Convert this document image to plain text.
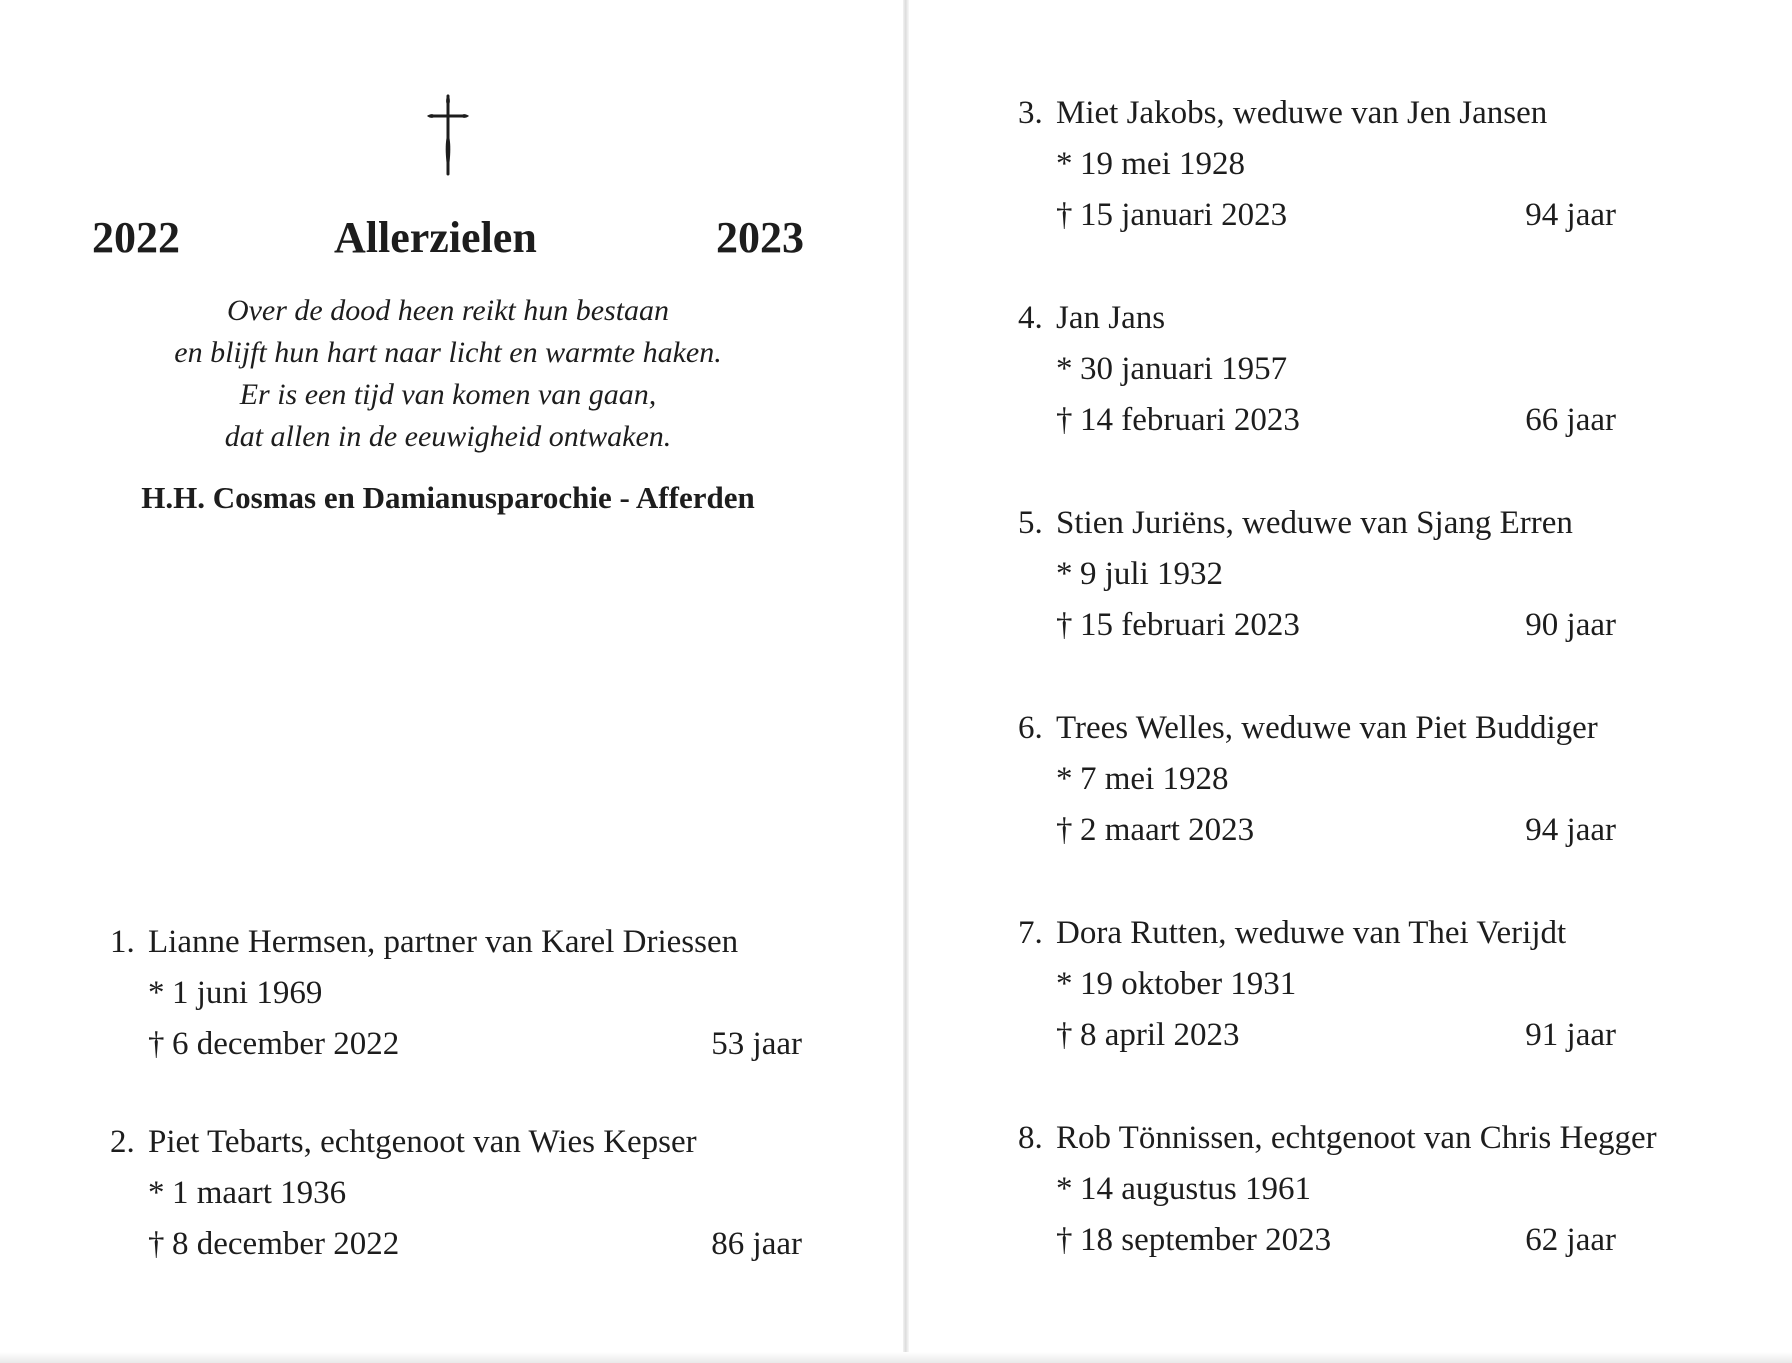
2022	Allerzielen	2023
Over de dood heen reikt hun bestaan
en blijft hun hart naar licht en warmte haken.
Er is een tijd van komen van gaan,
dat allen in de eeuwigheid ontwaken.
H.H. Cosmas en Damianusparochie - Afferden
1. Lianne Hermsen, partner van Karel Driessen
* 1 juni 1969
† 6 december 2022	53 jaar
2. Piet Tebarts, echtgenoot van Wies Kepser
* 1 maart 1936
† 8 december 2022	86 jaar
3. Miet Jakobs, weduwe van Jen Jansen
* 19 mei 1928
† 15 januari 2023	94 jaar
4. Jan Jans
* 30 januari 1957
† 14 februari 2023	66 jaar
5. Stien Juriëns, weduwe van Sjang Erren
* 9 juli 1932
† 15 februari 2023	90 jaar
6. Trees Welles, weduwe van Piet Buddiger
* 7 mei 1928
† 2 maart 2023	94 jaar
7. Dora Rutten, weduwe van Thei Verijdt
* 19 oktober 1931
† 8 april 2023	91 jaar
8. Rob Tönnissen, echtgenoot van Chris Hegger
* 14 augustus 1961
† 18 september 2023	62 jaar
